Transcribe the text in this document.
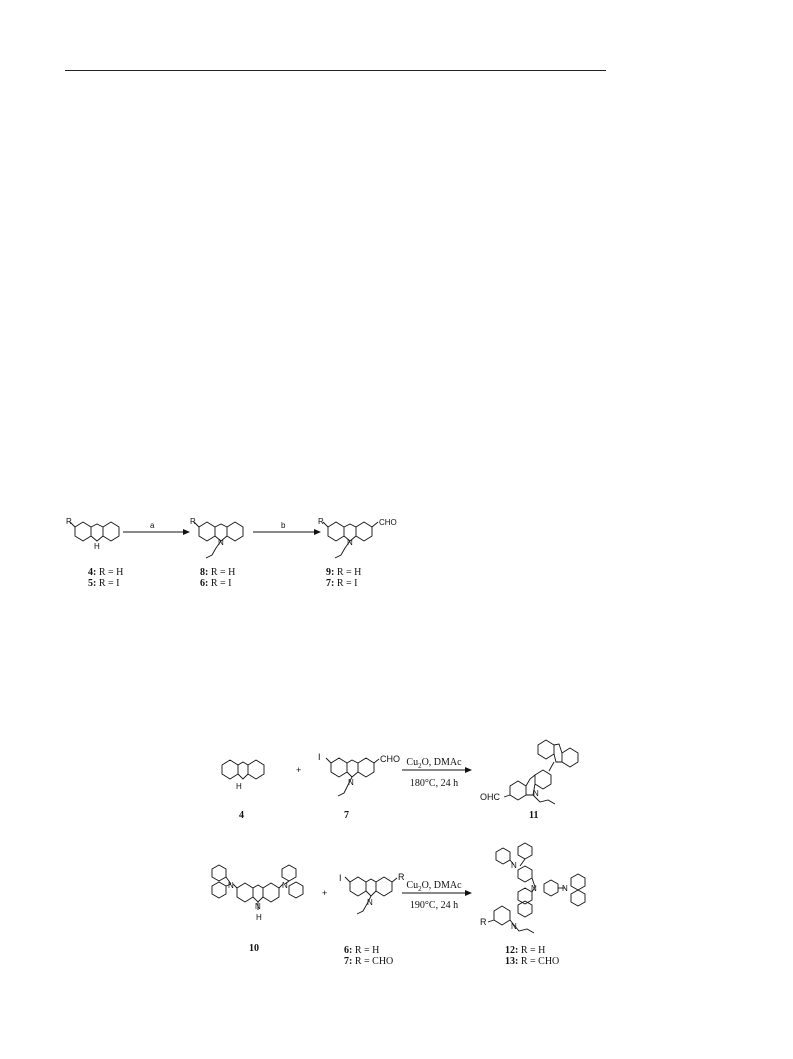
R
H
R
N
R
N
CHO
a	b
4: R = H
5: R = I
8: R = H
6: R = I
9: R = H
7: R = I
H
I	CHO
N
OHC	N
+
$Cu_2O$, DMAc
180°C, 24 h
4	7	11
N	N
N
H
I	R
N
N
N	N
N
R
+
$Cu_2O$, DMAc
190°C, 24 h
10	6: R = H
7: R = CHO
12: R = H
13: R = CHO
